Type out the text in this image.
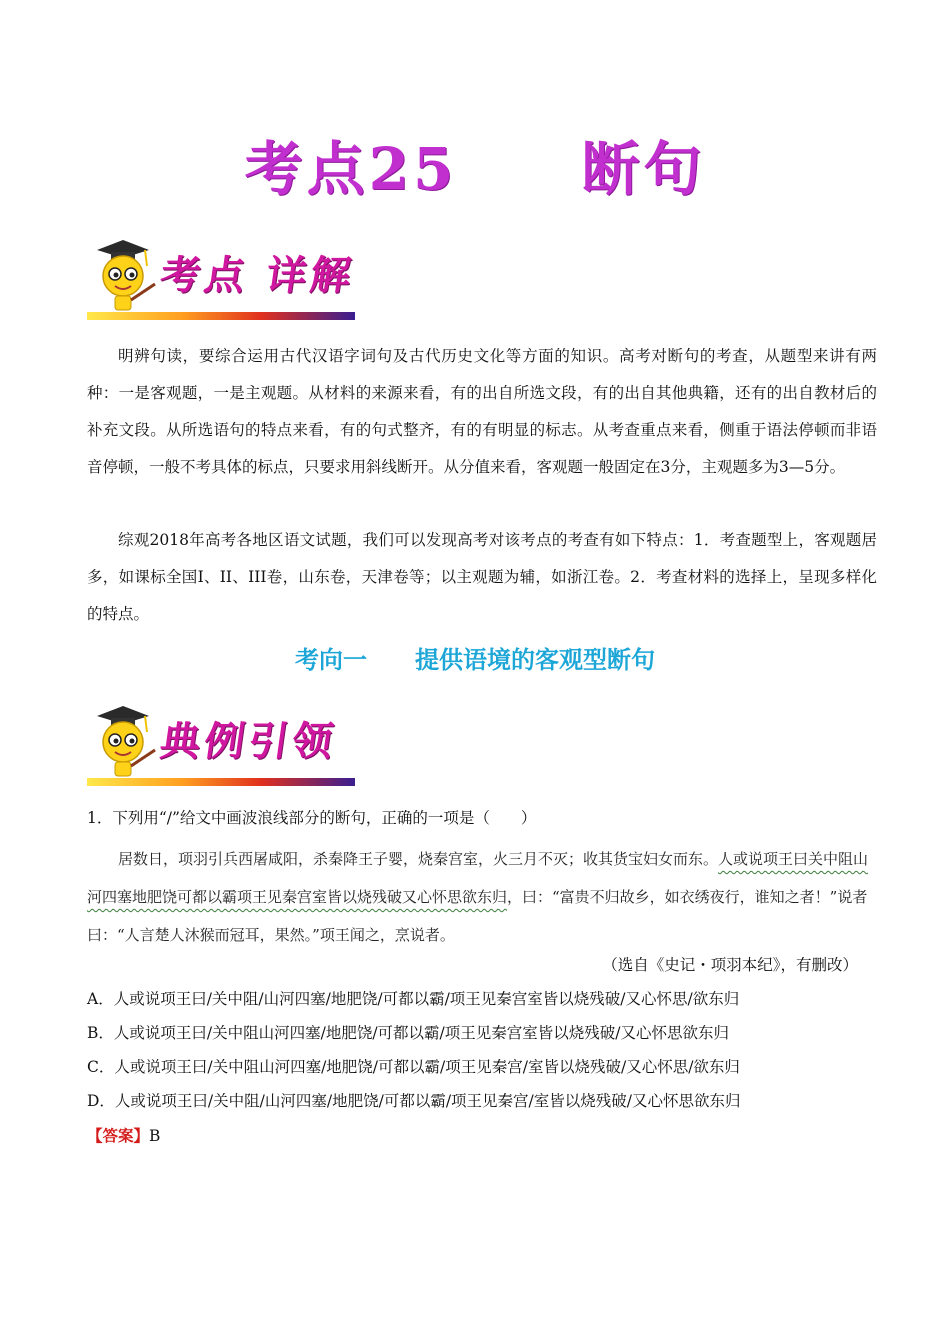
考点25　　断句
考点 详解

明辨句读，要综合运用古代汉语字词句及古代历史文化等方面的知识。高考对断句的考查，从题型来讲有两种：一是客观题，一是主观题。从材料的来源来看，有的出自所选文段，有的出自其他典籍，还有的出自教材后的补充文段。从所选语句的特点来看，有的句式整齐，有的有明显的标志。从考查重点来看，侧重于语法停顿而非语音停顿，一般不考具体的标点，只要求用斜线断开。从分值来看，客观题一般固定在3分，主观题多为3—5分。

综观2018年高考各地区语文试题，我们可以发现高考对该考点的考查有如下特点：1．考查题型上，客观题居多，如课标全国I、II、III卷，山东卷，天津卷等；以主观题为辅，如浙江卷。2．考查材料的选择上，呈现多样化的特点。

考向一　　提供语境的客观型断句
典例引领

1．下列用“/”给文中画波浪线部分的断句，正确的一项是（　　）

居数日，项羽引兵西屠咸阳，杀秦降王子婴，烧秦宫室，火三月不灭；收其货宝妇女而东。人或说项王曰关中阻山河四塞地肥饶可都以霸项王见秦宫室皆以烧残破又心怀思欲东归，曰：“富贵不归故乡，如衣绣夜行，谁知之者！”说者曰：“人言楚人沐猴而冠耳，果然。”项王闻之，烹说者。

（选自《史记・项羽本纪》，有删改）

A．人或说项王曰/关中阻/山河四塞/地肥饶/可都以霸/项王见秦宫室皆以烧残破/又心怀思/欲东归

B．人或说项王曰/关中阻山河四塞/地肥饶/可都以霸/项王见秦宫室皆以烧残破/又心怀思欲东归

C．人或说项王曰/关中阻山河四塞/地肥饶/可都以霸/项王见秦宫/室皆以烧残破/又心怀思/欲东归

D．人或说项王曰/关中阻/山河四塞/地肥饶/可都以霸/项王见秦宫/室皆以烧残破/又心怀思欲东归

【答案】B
